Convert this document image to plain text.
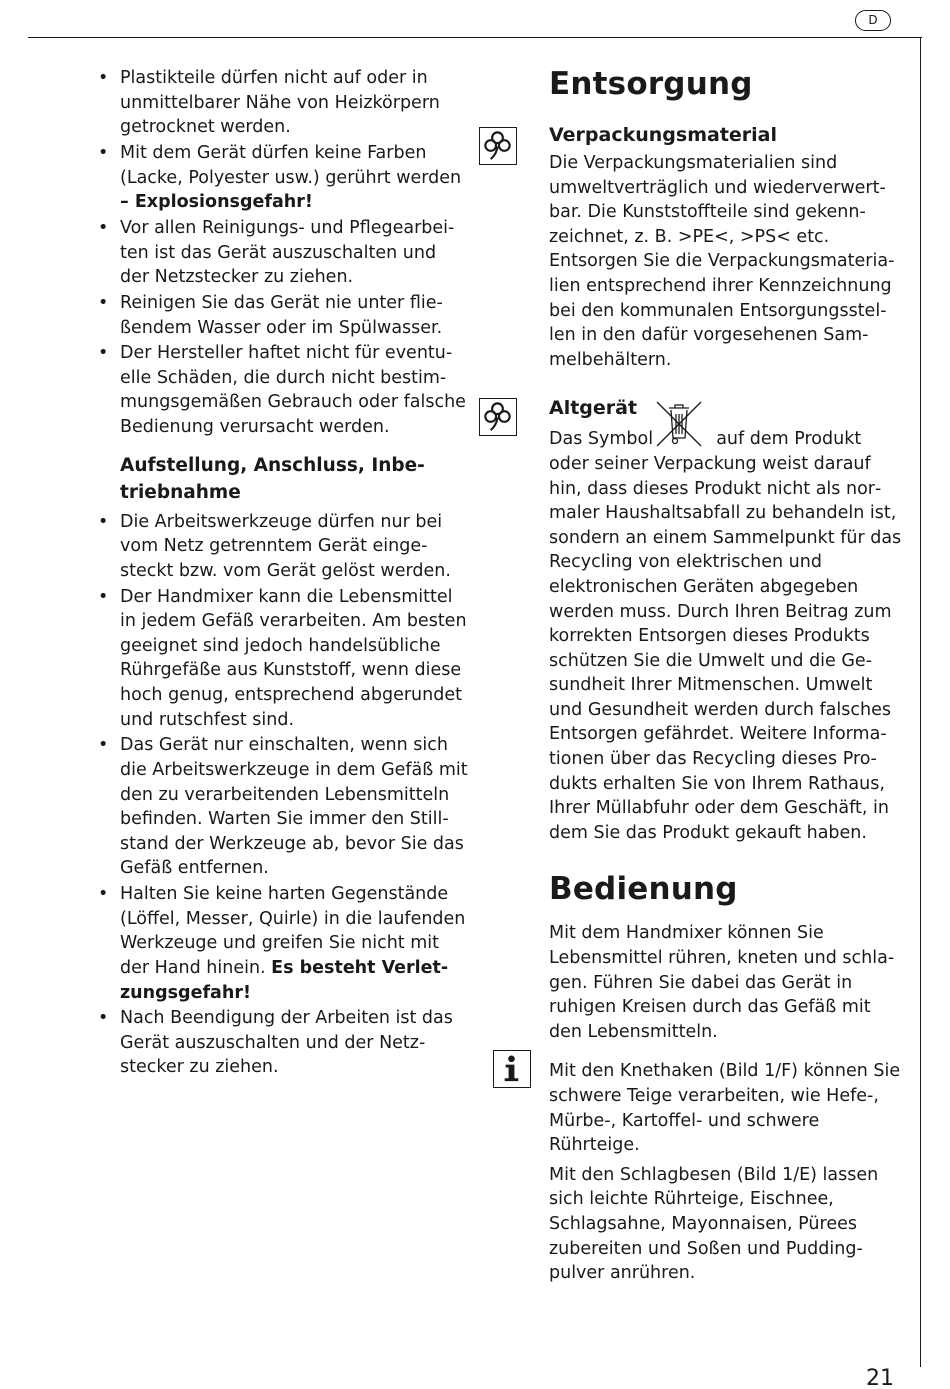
D
• Plastikteile dürfen nicht auf oder in unmittelbarer Nähe von Heizkörpern getrocknet werden.
• Mit dem Gerät dürfen keine Farben (Lacke, Polyester usw.) gerührt werden – Explosionsgefahr!
• Vor allen Reinigungs- und Pflegearbeiten ist das Gerät auszuschalten und der Netzstecker zu ziehen.
• Reinigen Sie das Gerät nie unter fließendem Wasser oder im Spülwasser.
• Der Hersteller haftet nicht für eventuelle Schäden, die durch nicht bestimmungsgemäßen Gebrauch oder falsche Bedienung verursacht werden.
Aufstellung, Anschluss, Inbetriebnahme
• Die Arbeitswerkzeuge dürfen nur bei vom Netz getrenntem Gerät eingesteckt bzw. vom Gerät gelöst werden.
• Der Handmixer kann die Lebensmittel in jedem Gefäß verarbeiten. Am besten geeignet sind jedoch handelsübliche Rührgefäße aus Kunststoff, wenn diese hoch genug, entsprechend abgerundet und rutschfest sind.
• Das Gerät nur einschalten, wenn sich die Arbeitswerkzeuge in dem Gefäß mit den zu verarbeitenden Lebensmitteln befinden. Warten Sie immer den Stillstand der Werkzeuge ab, bevor Sie das Gefäß entfernen.
• Halten Sie keine harten Gegenstände (Löffel, Messer, Quirle) in die laufenden Werkzeuge und greifen Sie nicht mit der Hand hinein. Es besteht Verletzungsgefahr!
• Nach Beendigung der Arbeiten ist das Gerät auszuschalten und der Netzstecker zu ziehen.
Entsorgung
Verpackungsmaterial
Die Verpackungsmaterialien sind umweltverträglich und wiederverwertbar. Die Kunststoffteile sind gekennzeichnet, z. B. >PE<, >PS< etc. Entsorgen Sie die Verpackungsmaterialien entsprechend ihrer Kennzeichnung bei den kommunalen Entsorgungsstellen in den dafür vorgesehenen Sammelbehältern.
Altgerät
Das Symbol	auf dem Produkt oder seiner Verpackung weist darauf hin, dass dieses Produkt nicht als normaler Haushaltsabfall zu behandeln ist, sondern an einem Sammelpunkt für das Recycling von elektrischen und elektronischen Geräten abgegeben werden muss. Durch Ihren Beitrag zum korrekten Entsorgen dieses Produkts schützen Sie die Umwelt und die Gesundheit Ihrer Mitmenschen. Umwelt und Gesundheit werden durch falsches Entsorgen gefährdet. Weitere Informationen über das Recycling dieses Produkts erhalten Sie von Ihrem Rathaus, Ihrer Müllabfuhr oder dem Geschäft, in dem Sie das Produkt gekauft haben.
Bedienung
Mit dem Handmixer können Sie Lebensmittel rühren, kneten und schlagen. Führen Sie dabei das Gerät in ruhigen Kreisen durch das Gefäß mit den Lebensmitteln.
Mit den Knethaken (Bild 1/F) können Sie schwere Teige verarbeiten, wie Hefe-, Mürbe-, Kartoffel- und schwere Rührteige.
Mit den Schlagbesen (Bild 1/E) lassen sich leichte Rührteige, Eischnee, Schlagsahne, Mayonnaisen, Pürees zubereiten und Soßen und Puddingpulver anrühren.
21
